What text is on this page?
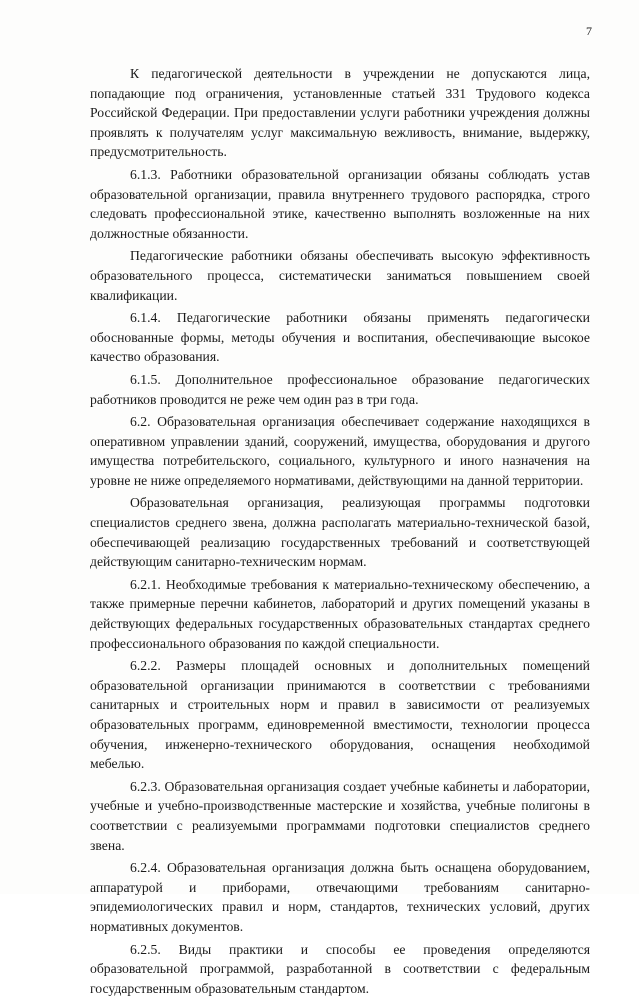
7

К педагогической деятельности в учреждении не допускаются лица, попадающие под ограничения, установленные статьей 331 Трудового кодекса Российской Федерации. При предоставлении услуги работники учреждения должны проявлять к получателям услуг максимальную вежливость, внимание, выдержку, предусмотрительность.

6.1.3. Работники образовательной организации обязаны соблюдать устав образовательной организации, правила внутреннего трудового распорядка, строго следовать профессиональной этике, качественно выполнять возложенные на них должностные обязанности.

Педагогические работники обязаны обеспечивать высокую эффективность образовательного процесса, систематически заниматься повышением своей квалификации.

6.1.4. Педагогические работники обязаны применять педагогически обоснованные формы, методы обучения и воспитания, обеспечивающие высокое качество образования.

6.1.5. Дополнительное профессиональное образование педагогических работников проводится не реже чем один раз в три года.

6.2. Образовательная организация обеспечивает содержание находящихся в оперативном управлении зданий, сооружений, имущества, оборудования и другого имущества потребительского, социального, культурного и иного назначения на уровне не ниже определяемого нормативами, действующими на данной территории.

Образовательная организация, реализующая программы подготовки специалистов среднего звена, должна располагать материально-технической базой, обеспечивающей реализацию государственных требований и соответствующей действующим санитарно-техническим нормам.

6.2.1. Необходимые требования к материально-техническому обеспечению, а также примерные перечни кабинетов, лабораторий и других помещений указаны в действующих федеральных государственных образовательных стандартах среднего профессионального образования по каждой специальности.

6.2.2. Размеры площадей основных и дополнительных помещений образовательной организации принимаются в соответствии с требованиями санитарных и строительных норм и правил в зависимости от реализуемых образовательных программ, единовременной вместимости, технологии процесса обучения, инженерно-технического оборудования, оснащения необходимой мебелью.

6.2.3. Образовательная организация создает учебные кабинеты и лаборатории, учебные и учебно-производственные мастерские и хозяйства, учебные полигоны в соответствии с реализуемыми программами подготовки специалистов среднего звена.

6.2.4. Образовательная организация должна быть оснащена оборудованием, аппаратурой и приборами, отвечающими требованиям санитарно-эпидемиологических правил и норм, стандартов, технических условий, других нормативных документов.

6.2.5. Виды практики и способы ее проведения определяются образовательной программой, разработанной в соответствии с федеральным государственным образовательным стандартом.
